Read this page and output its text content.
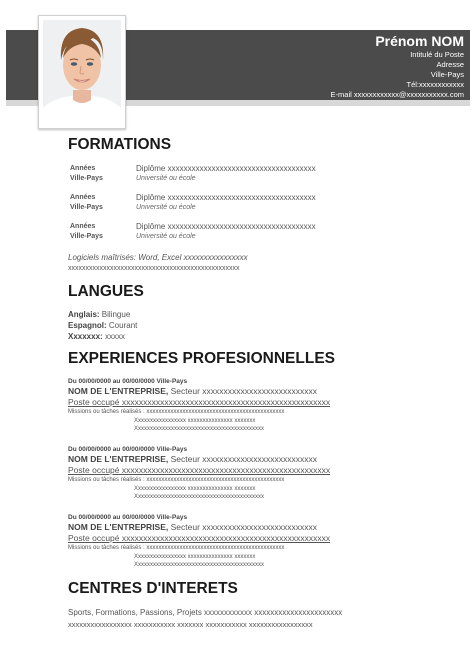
Prénom NOM
Intitulé du Poste
Adresse
Ville-Pays
Tél:xxxxxxxxxxxx
E-mail xxxxxxxxxxxx@xxxxxxxxxxx.com
FORMATIONS
Années
Ville-Pays
Diplôme xxxxxxxxxxxxxxxxxxxxxxxxxxxxxxxxxxxxx
Université ou école
Années
Ville-Pays
Diplôme xxxxxxxxxxxxxxxxxxxxxxxxxxxxxxxxxxxxx
Université ou école
Années
Ville-Pays
Diplôme xxxxxxxxxxxxxxxxxxxxxxxxxxxxxxxxxxxxx
Université ou école
Logiciels maîtrisés: Word, Excel xxxxxxxxxxxxxxxx
xxxxxxxxxxxxxxxxxxxxxxxxxxxxxxxxxxxxxxxxxxxxxxxxx
LANGUES
Anglais: Bilingue
Espagnol: Courant
Xxxxxxx: xxxxx
EXPERIENCES PROFESIONNELLES
Du 00/00/0000 au 00/00/0000 Ville-Pays
NOM DE L'ENTREPRISE, Secteur xxxxxxxxxxxxxxxxxxxxxxxxxxx
Poste occupé xxxxxxxxxxxxxxxxxxxxxxxxxxxxxxxxxxxxxxxxxxxxxxxxx
Missions ou tâches réalisés : xxxxxxxxxxxxxxxxxxxxxxxxxxxxxxxxxxxxxxxxxxxxxx
Xxxxxxxxxxxxxxxxx xxxxxxxxxxxxxxx xxxxxxx
Xxxxxxxxxxxxxxxxxxxxxxxxxxxxxxxxxxxxxxxxxxx
Du 00/00/0000 au 00/00/0000 Ville-Pays
NOM DE L'ENTREPRISE, Secteur xxxxxxxxxxxxxxxxxxxxxxxxxxx
Poste occupé xxxxxxxxxxxxxxxxxxxxxxxxxxxxxxxxxxxxxxxxxxxxxxxxx
Missions ou tâches réalisés : xxxxxxxxxxxxxxxxxxxxxxxxxxxxxxxxxxxxxxxxxxxxxx
Xxxxxxxxxxxxxxxxx xxxxxxxxxxxxxxx xxxxxxx
Xxxxxxxxxxxxxxxxxxxxxxxxxxxxxxxxxxxxxxxxxxx
Du 00/00/0000 au 00/00/0000 Ville-Pays
NOM DE L'ENTREPRISE, Secteur xxxxxxxxxxxxxxxxxxxxxxxxxxx
Poste occupé xxxxxxxxxxxxxxxxxxxxxxxxxxxxxxxxxxxxxxxxxxxxxxxxx
Missions ou tâches réalisés : xxxxxxxxxxxxxxxxxxxxxxxxxxxxxxxxxxxxxxxxxxxxxx
Xxxxxxxxxxxxxxxxx xxxxxxxxxxxxxxx xxxxxxx
Xxxxxxxxxxxxxxxxxxxxxxxxxxxxxxxxxxxxxxxxxxx
CENTRES D'INTERETS
Sports, Formations, Passions, Projets xxxxxxxxxxxx xxxxxxxxxxxxxxxxxxxxxx
xxxxxxxxxxxxxxxxx xxxxxxxxxxx xxxxxxx xxxxxxxxxxx xxxxxxxxxxxxxxxxx
